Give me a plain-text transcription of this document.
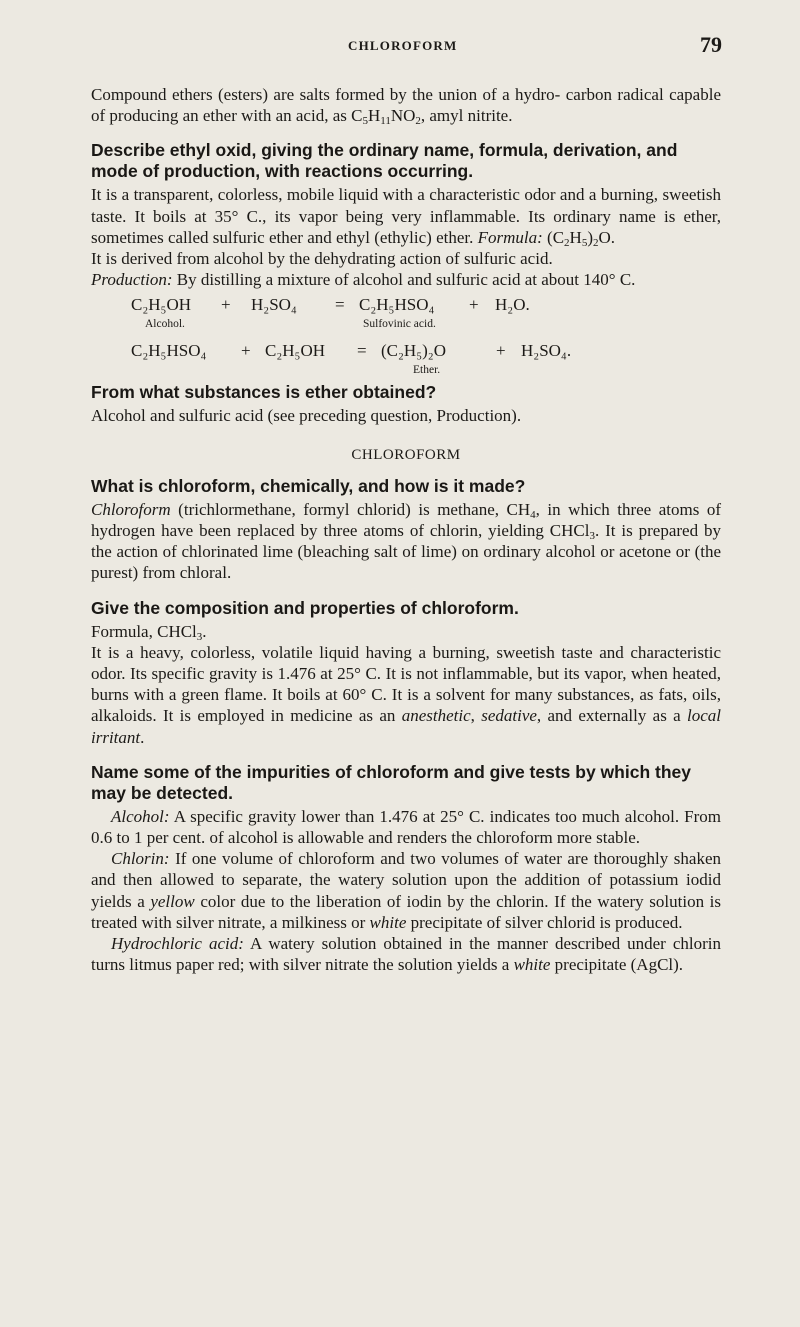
CHLOROFORM	79

Compound ethers (esters) are salts formed by the union of a hydro- carbon radical capable of producing an ether with an acid, as $C_5H_{11}NO_2$, amyl nitrite.

Describe ethyl oxid, giving the ordinary name, formula, derivation, and mode of production, with reactions occurring.

It is a transparent, colorless, mobile liquid with a characteristic odor and a burning, sweetish taste. It boils at 35° C., its vapor being very inflammable. Its ordinary name is ether, sometimes called sulfuric ether and ethyl (ethylic) ether. Formula: $(C_2H_5)_2O$.

It is derived from alcohol by the dehydrating action of sulfuric acid.

Production: By distilling a mixture of alcohol and sulfuric acid at about 140° C.

C₂H₅OH + H₂SO₄ = C₂H₅HSO₄ + H₂O.
Alcohol.	Sulfovinic acid.
C₂H₅HSO₄ + C₂H₅OH = (C₂H₅)₂O	+ H₂SO₄.
Ether.
From what substances is ether obtained?

Alcohol and sulfuric acid (see preceding question, Production).

CHLOROFORM
What is chloroform, chemically, and how is it made?

Chloroform (trichlormethane, formyl chlorid) is methane, $CH_4$, in which three atoms of hydrogen have been replaced by three atoms of chlorin, yielding CHCl$_3$. It is prepared by the action of chlorinated lime (bleaching salt of lime) on ordinary alcohol or acetone or (the purest) from chloral.

Give the composition and properties of chloroform.

Formula, CHCl$_3$.

It is a heavy, colorless, volatile liquid having a burning, sweetish taste and characteristic odor. Its specific gravity is 1.476 at 25° C. It is not inflammable, but its vapor, when heated, burns with a green flame. It boils at 60° C. It is a solvent for many substances, as fats, oils, alkaloids. It is employed in medicine as an anesthetic, sedative, and externally as a local irritant.

Name some of the impurities of chloroform and give tests by which they may be detected.

Alcohol: A specific gravity lower than 1.476 at 25° C. indicates too much alcohol. From 0.6 to 1 per cent. of alcohol is allowable and renders the chloroform more stable.

Chlorin: If one volume of chloroform and two volumes of water are thoroughly shaken and then allowed to separate, the watery solution upon the addition of potassium iodid yields a yellow color due to the liberation of iodin by the chlorin. If the watery solution is treated with silver nitrate, a milkiness or white precipitate of silver chlorid is produced.

Hydrochloric acid: A watery solution obtained in the manner described under chlorin turns litmus paper red; with silver nitrate the solution yields a white precipitate (AgCl).
